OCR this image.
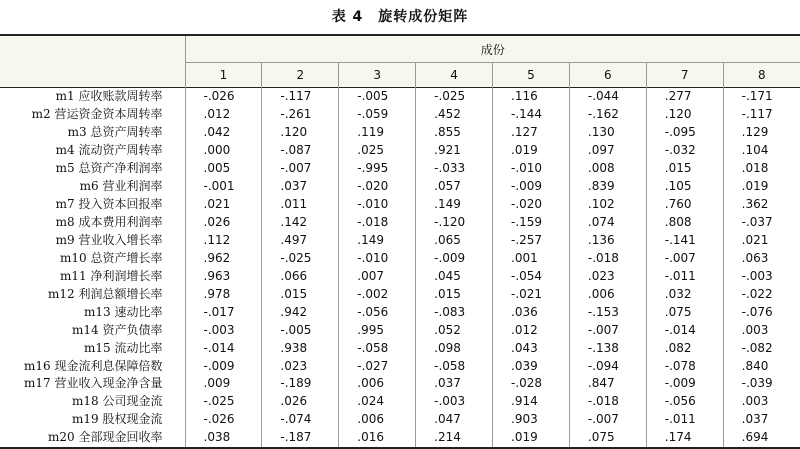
表 4　旋转成份矩阵
	成份							
	1	2	3	4	5	6	7	8
m1 应收账款周转率	-.026	-.117	-.005	-.025	.116	-.044	.277	-.171
m2 营运资金资本周转率	.012	-.261	-.059	.452	-.144	-.162	.120	-.117
m3 总资产周转率	.042	.120	.119	.855	.127	.130	-.095	.129
m4 流动资产周转率	.000	-.087	.025	.921	.019	.097	-.032	.104
m5 总资产净利润率	.005	-.007	-.995	-.033	-.010	.008	.015	.018
m6 营业利润率	-.001	.037	-.020	.057	-.009	.839	.105	.019
m7 投入资本回报率	.021	.011	-.010	.149	-.020	.102	.760	.362
m8 成本费用利润率	.026	.142	-.018	-.120	-.159	.074	.808	-.037
m9 营业收入增长率	.112	.497	.149	.065	-.257	.136	-.141	.021
m10 总资产增长率	.962	-.025	-.010	-.009	.001	-.018	-.007	.063
m11 净利润增长率	.963	.066	.007	.045	-.054	.023	-.011	-.003
m12 利润总额增长率	.978	.015	-.002	.015	-.021	.006	.032	-.022
m13 速动比率	-.017	.942	-.056	-.083	.036	-.153	.075	-.076
m14 资产负债率	-.003	-.005	.995	.052	.012	-.007	-.014	.003
m15 流动比率	-.014	.938	-.058	.098	.043	-.138	.082	-.082
m16 现金流利息保障倍数	-.009	.023	-.027	-.058	.039	-.094	-.078	.840
m17 营业收入现金净含量	.009	-.189	.006	.037	-.028	.847	-.009	-.039
m18 公司现金流	-.025	.026	.024	-.003	.914	-.018	-.056	.003
m19 股权现金流	-.026	-.074	.006	.047	.903	-.007	-.011	.037
m20 全部现金回收率	.038	-.187	.016	.214	.019	.075	.174	.694
